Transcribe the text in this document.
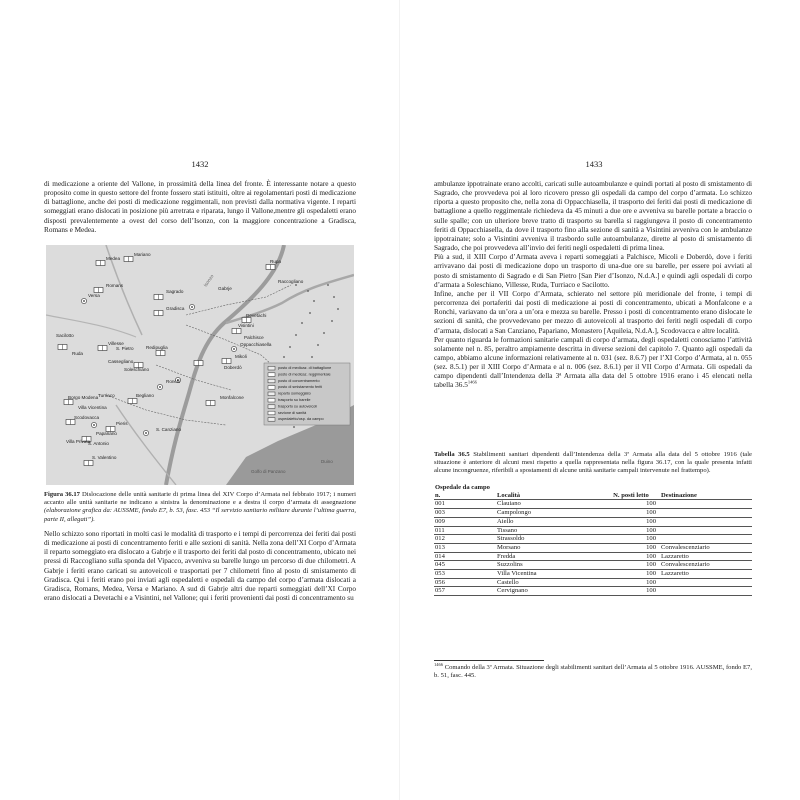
1432

di medicazione a oriente del Vallone, in prossimità della linea del fronte. È interessante notare a questo proposito come in questo settore del fronte fossero stati istituiti, oltre ai regolamentari posti di medicazione di battaglione, anche dei posti di medicazione reggimentali, non previsti dalla normativa vigente. I reparti someggiati erano dislocati in posizione più arretrata e riparata, lungo il Vallone,mentre gli ospedaletti erano disposti prevalentemente a ovest del corso dell’Isonzo, con la maggiore concentrazione a Gradisca, Romans e Medea.

Medea
Mariano
Romans
Versa
Villesse
Gradisca
Sagrado
Gabrje
Rupa
Raccogliano
Devetachi
Visintini
Palchisce
Oppacchiasella
Mikoli
Doberdò
Redipuglia
S. Pietro
Cassegliano
Soleschiano
Ronchi
Sacilotto
Ruda
Borgo Modena
Villa Vicentina
Scodovacca
Turriaco	Begliano	Monfalcone
Pieris
S. Canziano
Papariano
Villa Privata
S. Antonio
S. Valentino
Isonzo
Golfo di Panzano
Duino
posto di medicaz. di battaglione
posto di medicaz. reggimentale
posto di concentramento
posto di smistamento feriti
reparto someggiato
trasporto su barelle
trasporto su autoveicoli
sezione di sanità
ospedaletto/osp. da campo
Figura 36.17 Dislocazione delle unità sanitarie di prima linea del XIV Corpo d’Armata nel febbraio 1917; i numeri accanto alle unità sanitarie ne indicano a sinistra la denominazione e a destra il corpo d’armata di assegnazione (elaborazione grafica da: AUSSME, fondo E7, b. 53, fasc. 453 “Il servizio sanitario militare durante l’ultima guerra, parte II, allegati”).

Nello schizzo sono riportati in molti casi le modalità di trasporto e i tempi di percorrenza dei feriti dai posti di medicazione ai posti di concentramento feriti e alle sezioni di sanità. Nella zona dell’XI Corpo d’Armata il reparto someggiato era dislocato a Gabrje e il trasporto dei feriti dal posto di concentramento, ubicato nei pressi di Raccogliano sulla sponda del Vipacco, avveniva su barelle lungo un percorso di due chilometri. A Gabrje i feriti erano caricati su autoveicoli e trasportati per 7 chilometri fino al posto di smistamento di Gradisca. Qui i feriti erano poi inviati agli ospedaletti e ospedali da campo del corpo d’armata dislocati a Gradisca, Romans, Medea, Versa e Mariano. A sud di Gabrje altri due reparti someggiati dell’XI Corpo erano dislocati a Devetachi e a Visintini, nel Vallone; qui i feriti provenienti dai posti di concentramento su

1433

ambulanze ippotrainate erano accolti, caricati sulle autoambulanze e quindi portati al posto di smistamento di Sagrado, che provvedeva poi al loro ricovero presso gli ospedali da campo del corpo d’armata. Lo schizzo riporta a questo proposito che, nella zona di Oppacchiasella, il trasporto dei feriti dai posti di medicazione di battaglione a quello reggimentale richiedeva da 45 minuti a due ore e avveniva su barelle portate a braccio o sulle spalle; con un ulteriore breve tratto di trasporto su barella si raggiungeva il posto di concentramento feriti di Oppacchiasella, da dove il trasporto fino alla sezione di sanità a Visintini avveniva con le ambulanze ippotrainate; solo a Visintini avveniva il trasbordo sulle autoambulanze, dirette al posto di smistamento di Sagrado, che poi provvedeva all’invio dei feriti negli ospedaletti di prima linea.

Più a sud, il XIII Corpo d’Armata aveva i reparti someggiati a Palchisce, Micoli e Doberdò, dove i feriti arrivavano dai posti di medicazione dopo un trasporto di una-due ore su barelle, per essere poi avviati al posto di smistamento di Sagrado e di San Pietro [San Pier d’Isonzo, N.d.A.] e quindi agli ospedali di corpo d’armata a Soleschiano, Villesse, Ruda, Turriaco e Sacilotto.

Infine, anche per il VII Corpo d’Armata, schierato nel settore più meridionale del fronte, i tempi di percorrenza dei portaferiti dai posti di medicazione ai posti di concentramento, ubicati a Monfalcone e a Ronchi, variavano da un’ora a un’ora e mezza su barelle. Presso i posti di concentramento erano dislocate le sezioni di sanità, che provvedevano per mezzo di autoveicoli al trasporto dei feriti negli ospedali di corpo d’armata, dislocati a San Canziano, Papariano, Monastero [Aquileia, N.d.A.], Scodovacca e altre località.

Per quanto riguarda le formazioni sanitarie campali di corpo d’armata, degli ospedaletti conosciamo l’attività solamente nel n. 85, peraltro ampiamente descritta in diverse sezioni del capitolo 7. Quanto agli ospedali da campo, abbiamo alcune informazioni relativamente al n. 031 (sez. 8.6.7) per l’XI Corpo d’Armata, al n. 055 (sez. 8.5.1) per il XIII Corpo d’Armata e al n. 006 (sez. 8.6.1) per il VII Corpo d’Armata. Gli ospedali da campo dipendenti dall’Intendenza della 3ª Armata alla data del 5 ottobre 1916 erano i 45 elencati nella tabella $36.5^{1466}$

Tabella 36.5 Stabilimenti sanitari dipendenti dall’Intendenza della 3ª Armata alla data del 5 ottobre 1916 (tale situazione è anteriore di alcuni mesi rispetto a quella rappresentata nella figura 36.17, con la quale presenta infatti alcune incongruenze, riferibili a spostamenti di alcune unità sanitarie campali intervenute nel frattempo).
Ospedale da campo n.	Località	N. posti letto	Destinazione
001	Clauiano	100	
003	Campolongo	100	
009	Aiello	100	
011	Tissano	100	
012	Strassoldo	100	
013	Morsano	100	Convalescenziario
014	Fredda	100	Lazzaretto
045	Suzzolins	100	Convalescenziario
053	Villa Vicentina	100	Lazzaretto
056	Castello	100	
057	Cervignano	100	
$^{1466}$ Comando della 3ª Armata. Situazione degli stabilimenti sanitari dell’Armata al 5 ottobre 1916. AUSSME, fondo E7, b. 51, fasc. 445.
